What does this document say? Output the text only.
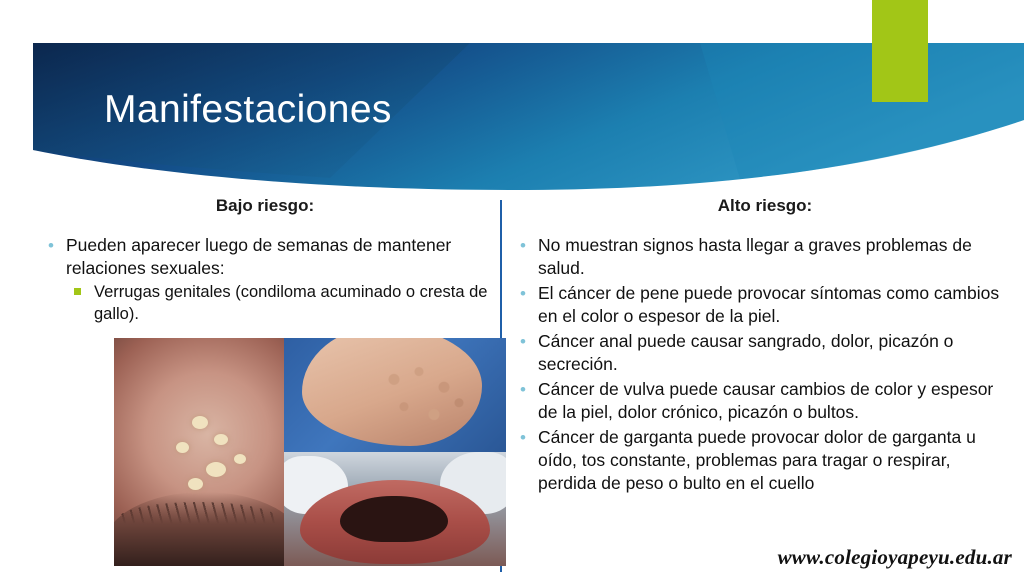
Manifestaciones
Bajo riesgo:
• Pueden aparecer luego de semanas de mantener relaciones sexuales:
Verrugas genitales (condiloma acuminado o cresta de gallo).
Alto riesgo:
• No muestran signos hasta llegar a graves problemas de salud.
• El cáncer de pene puede provocar síntomas como cambios en el color o espesor de la piel.
• Cáncer anal puede causar sangrado, dolor, picazón o secreción.
• Cáncer de vulva puede causar cambios de color y espesor de la piel, dolor crónico, picazón o bultos.
• Cáncer de garganta puede provocar dolor de garganta u oído, tos constante, problemas para tragar o respirar, perdida de peso o bulto en el cuello
www.colegioyapeyu.edu.ar
